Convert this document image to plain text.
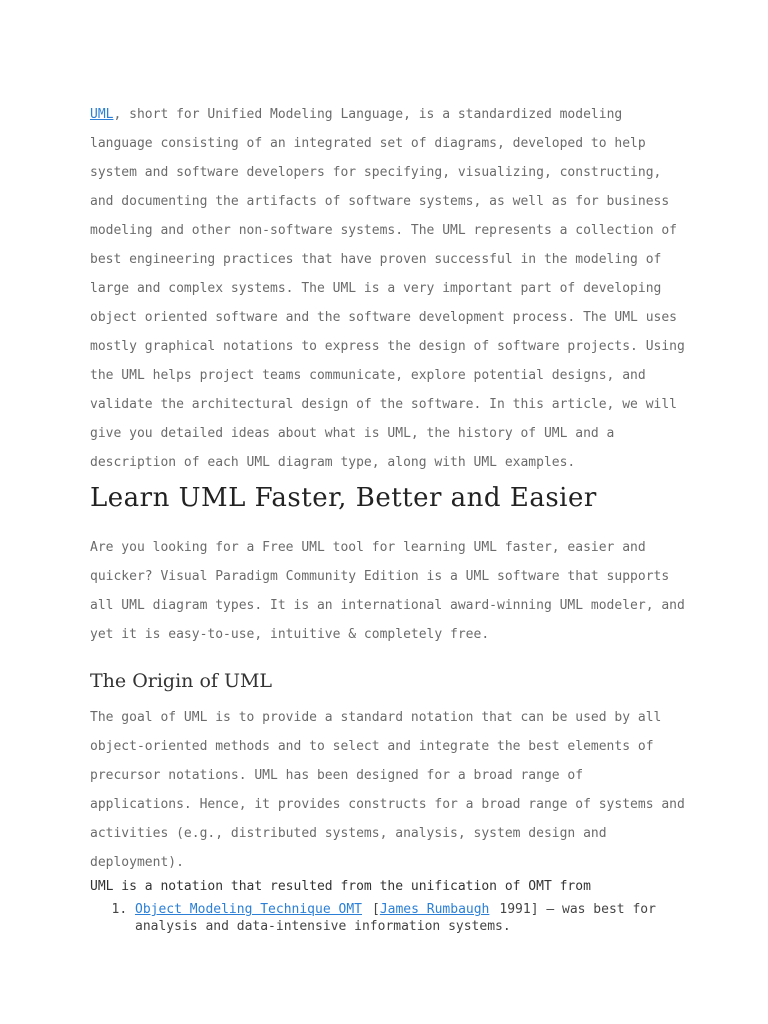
UML, short for Unified Modeling Language, is a standardized modeling language consisting of an integrated set of diagrams, developed to help system and software developers for specifying, visualizing, constructing, and documenting the artifacts of software systems, as well as for business modeling and other non-software systems. The UML represents a collection of best engineering practices that have proven successful in the modeling of large and complex systems. The UML is a very important part of developing object oriented software and the software development process. The UML uses mostly graphical notations to express the design of software projects. Using the UML helps project teams communicate, explore potential designs, and validate the architectural design of the software. In this article, we will give you detailed ideas about what is UML, the history of UML and a description of each UML diagram type, along with UML examples.

Learn UML Faster, Better and Easier

Are you looking for a Free UML tool for learning UML faster, easier and quicker? Visual Paradigm Community Edition is a UML software that supports all UML diagram types. It is an international award-winning UML modeler, and yet it is easy-to-use, intuitive & completely free.

The Origin of UML

The goal of UML is to provide a standard notation that can be used by all object-oriented methods and to select and integrate the best elements of precursor notations. UML has been designed for a broad range of applications. Hence, it provides constructs for a broad range of systems and activities (e.g., distributed systems, analysis, system design and deployment).

UML is a notation that resulted from the unification of OMT from

1. Object Modeling Technique OMT [James Rumbaugh 1991] – was best for analysis and data-intensive information systems.
